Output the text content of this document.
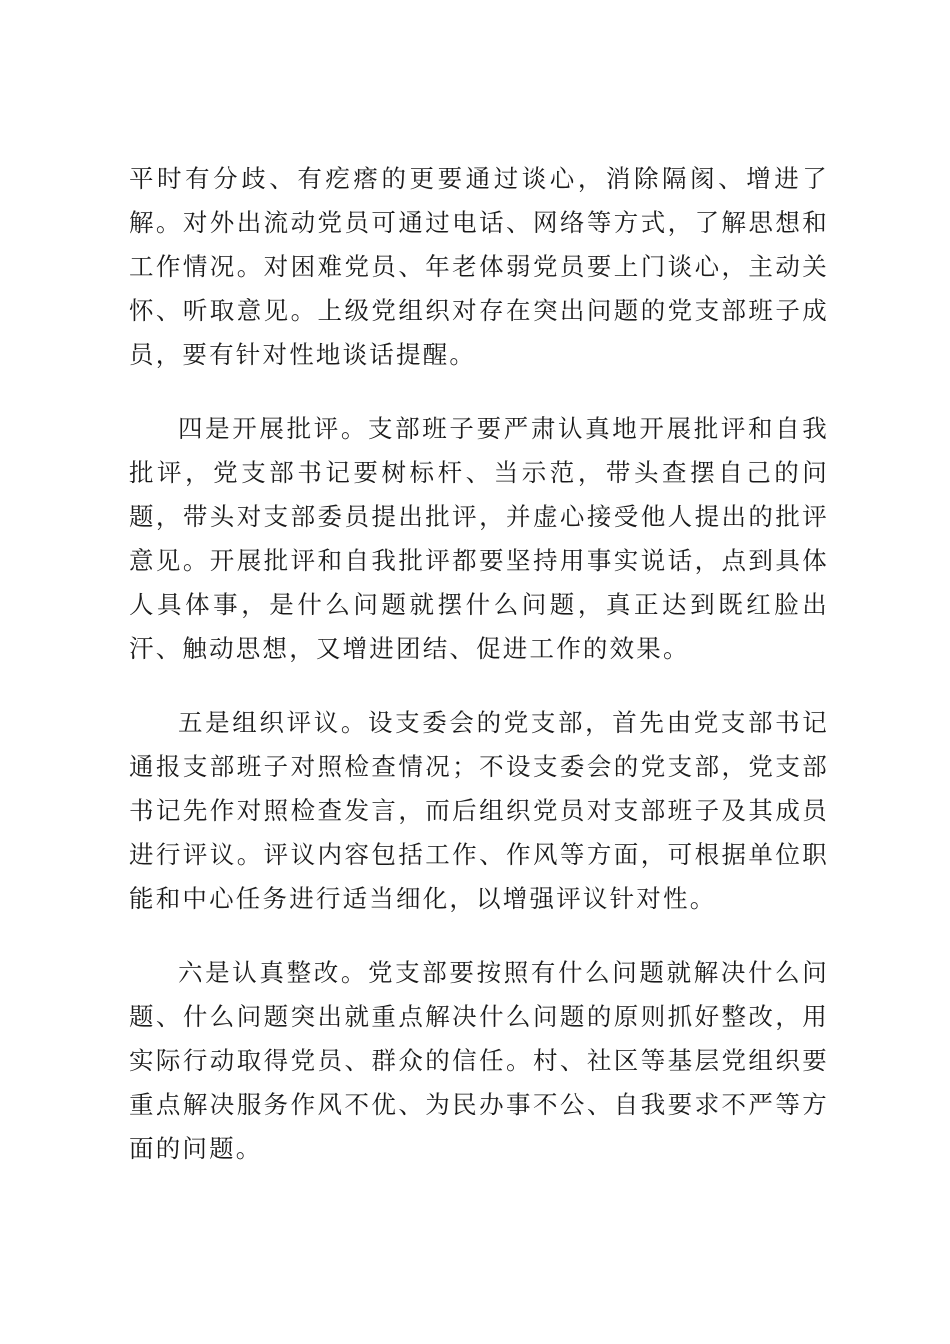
平时有分歧、有疙瘩的更要通过谈心，消除隔阂、增进了解。对外出流动党员可通过电话、网络等方式，了解思想和工作情况。对困难党员、年老体弱党员要上门谈心，主动关怀、听取意见。上级党组织对存在突出问题的党支部班子成员，要有针对性地谈话提醒。

四是开展批评。支部班子要严肃认真地开展批评和自我批评，党支部书记要树标杆、当示范，带头查摆自己的问题，带头对支部委员提出批评，并虚心接受他人提出的批评意见。开展批评和自我批评都要坚持用事实说话，点到具体人具体事，是什么问题就摆什么问题，真正达到既红脸出汗、触动思想，又增进团结、促进工作的效果。

五是组织评议。设支委会的党支部，首先由党支部书记通报支部班子对照检查情况；不设支委会的党支部，党支部书记先作对照检查发言，而后组织党员对支部班子及其成员进行评议。评议内容包括工作、作风等方面，可根据单位职能和中心任务进行适当细化，以增强评议针对性。

六是认真整改。党支部要按照有什么问题就解决什么问题、什么问题突出就重点解决什么问题的原则抓好整改，用实际行动取得党员、群众的信任。村、社区等基层党组织要重点解决服务作风不优、为民办事不公、自我要求不严等方面的问题。
